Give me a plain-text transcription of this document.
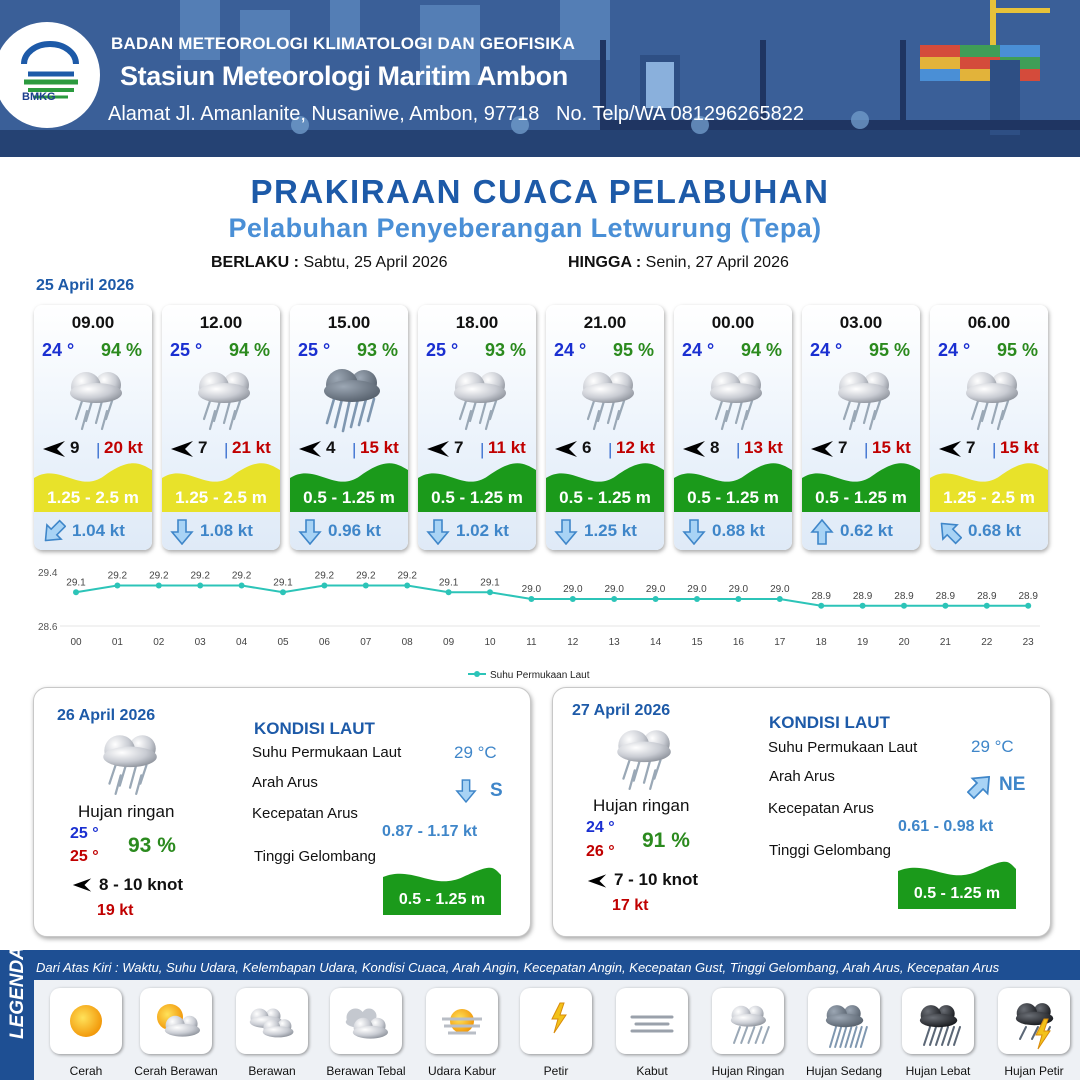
BMKG
BADAN METEOROLOGI KLIMATOLOGI DAN GEOFISIKA
Stasiun Meteorologi Maritim Ambon
Alamat Jl. Amanlanite, Nusaniwe, Ambon, 97718 No. Telp/WA 081296265822
PRAKIRAAN CUACA PELABUHAN
Pelabuhan Penyeberangan Letwurung (Tepa)
BERLAKU : Sabtu, 25 April 2026	HINGGA : Senin, 27 April 2026
25 April 2026
09.00
24 ° 94 %
9 | 20 kt
1.25 - 2.5 m
1.04 kt
12.00
25 ° 94 %
7 | 21 kt
1.25 - 2.5 m
1.08 kt
15.00
25 ° 93 %
4 | 15 kt
0.5 - 1.25 m
0.96 kt
18.00
25 ° 93 %
7 | 11 kt
0.5 - 1.25 m
1.02 kt
21.00
24 ° 95 %
6 | 12 kt
0.5 - 1.25 m
1.25 kt
00.00
24 ° 94 %
8 | 13 kt
0.5 - 1.25 m
0.88 kt
03.00
24 ° 95 %
7 | 15 kt
0.5 - 1.25 m
0.62 kt
06.00
24 ° 95 %
7 | 15 kt
1.25 - 2.5 m
0.68 kt
29.4
28.6
29.1
00
29.2
01
29.2
02
29.2
03
29.2
04
29.1
05
29.2
06
29.2
07
29.2
08
29.1
09
29.1
10
29.0
11
29.0
12
29.0
13
29.0
14
29.0
15
29.0
16
29.0
17
28.9
18
28.9
19
28.9
20
28.9
21
28.9
22
28.9
23
Suhu Permukaan Laut
26 April 2026
Hujan ringan
25 °
25 ° 93 %
8 - 10 knot
19 kt
KONDISI LAUT
Suhu Permukaan Laut	29 °C
Arah Arus	S
Kecepatan Arus
0.87 - 1.17 kt
Tinggi Gelombang
0.5 - 1.25 m
27 April 2026
Hujan ringan
24 °
26 ° 91 %
7 - 10 knot
17 kt
KONDISI LAUT
Suhu Permukaan Laut	29 °C
Arah Arus	NE
Kecepatan Arus
0.61 - 0.98 kt
Tinggi Gelombang
0.5 - 1.25 m
LEGENDA Dari Atas Kiri : Waktu, Suhu Udara, Kelembapan Udara, Kondisi Cuaca, Arah Angin, Kecepatan Angin, Kecepatan Gust, Tinggi Gelombang, Arah Arus, Kecepatan Arus
Cerah	Cerah Berawan	Berawan	Berawan Tebal	Udara Kabur	Petir	Kabut	Hujan Ringan	Hujan Sedang	Hujan Lebat	Hujan Petir
